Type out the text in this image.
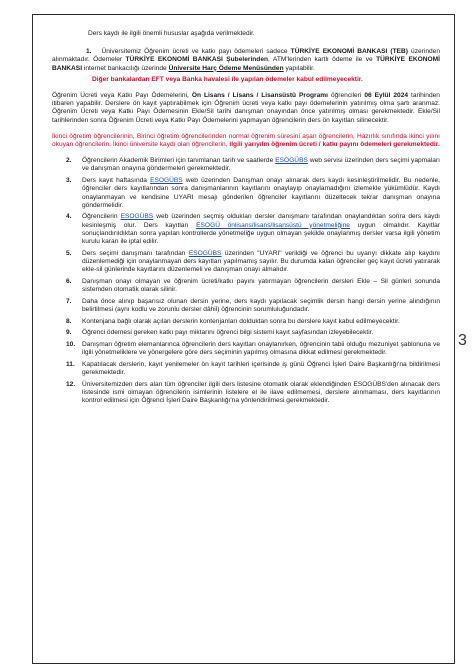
Ders kaydı ile ilgili önemli hususlar aşağıda verilmektedir.

1. Üniversitemiz Öğrenim ücreti ve katkı payı ödemeleri sadece TÜRKİYE EKONOMİ BANKASI (TEB) üzerinden alınmaktadır. Ödemeler TÜRKİYE EKONOMİ BANKASI Şubelerinden, ATM'lerinden kartlı ödeme ile ve TÜRKİYE EKONOMİ BANKASI internet bankacılığı üzerinde Üniversite Harç Ödeme Menüsünden yapılabilir.

Diğer bankalardan EFT veya Banka havalesi ile yapılan ödemeler kabul edilmeyecektir.

Öğrenim Ücreti veya Katkı Payı Ödemelerini, Ön Lisans / Lisans / Lisansüstü Programı öğrencileri 06 Eylül 2024 tarihinden itibaren yapabilir. Derslere ön kayıt yaptırabilmek için Öğrenim ücreti veya katkı payı ödemelerinin yatırılmış olma şartı aranmaz. Öğrenim Ücreti veya Katkı Payı Ödemesinin Ekle/Sil tarihi danışman onayından önce yatırılmış olması gerekmektedir. Ekle/Sil tarihlerinden sonra Öğrenim Ücreti veya Katkı Payı Ödemelerini yapmayan öğrencilerin ders ön kayıtları silinecektir.

İkinci öğretim öğrencilerinin, Birinci öğretim öğrencilerinden normal öğrenim süresini aşan öğrencilerin, Hazırlık sınıfında ikinci yılını okuyan öğrencilerin, İkinci üniversite kaydı olan öğrencilerin, ilgili yarıyılın öğrenim ücreti / katkı payını ödemeleri gerekmektedir.

2. Öğrencilerin Akademik Birimleri için tanımlanan tarih ve saatlerde ESOGÜBS web servisi üzerinden ders seçimi yapmaları ve danışman onayına göndermeleri gerekmektedir.
3. Ders kayıt haftasında ESOGÜBS web üzerinden Danışman onayı alınarak ders kaydı kesinleştirilmelidir. Bu nedenle, öğrenciler ders kayıtlarından sonra danışmanlarının kayıtlarını onaylayıp onaylamadığını izlemekle yükümlüdür. Kaydı onaylanmayan ve kendisine UYARI mesajı gönderilen öğrenciler kayıtlarını düzeltecek tekrar danışman onayına göndermelidir.
4. Öğrencilerin ESOGÜBS web üzerinden seçmiş oldukları dersler danışmanı tarafından onaylandıktan sonra ders kaydı kesinleşmiş olur. Ders kayıtları ESOGÜ önlisans/lisans/lisansüstü yönetmeliğine uygun olmalıdır. Kayıtlar sonuçlandırıldıktan sonra yapılan kontrollerde yönetmeliğe uygun olmayan şekilde onaylanmış dersler varsa ilgili yönetim kurulu kararı ile iptal edilir.
5. Ders seçimi danışmanı tarafından ESOGÜBS üzerinden "UYARI" verildiği ve öğrenci bu uyarıyı dikkate alıp kaydını düzenlemediği için onaylanmayan ders kayıtları yapılmamış sayılır. Bu durumda kalan öğrenciler geç kayıt ücreti yatırarak ekle-sil günlerinde kayıtlarını düzenlemeli ve danışman onayı almalıdır.
6. Danışman onayı olmayan ve öğrenim ücreti/katkı payını yatırmayan öğrencilerin dersleri Ekle – Sil günleri sonunda sistemden otomatik olarak silinir.
7. Daha önce alınıp başarısız olunan dersin yerine, ders kaydı yapılacak seçimlik dersin hangi dersin yerine alındığının belirtilmesi (aynı kodlu ve zorunlu dersler dâhil) öğrencinin sorumluluğundadır.
8. Kontenjana bağlı olarak açılan derslerin kontenjanları dolduktan sonra bu derslere kayıt kabul edilmeyecektir.
9. Öğrenci ödemesi gereken katkı payı miktarını öğrenci bilgi sistemi kayıt sayfasından izleyebilecektir.
10. Danışman öğretim elemanlarınca öğrencilerin ders kayıtları onaylanırken, öğrencinin tabii olduğu mezuniyet şablonuna ve ilgili yönetmeliklere ve yönergelere göre ders seçiminin yapılmış olmasına dikkat edilmesi gerekmektedir.
11. Kapatılacak derslerin, kayıt yenilemeler ön kayıt tarihleri içerisinde iş günü Öğrenci İşleri Daire Başkanlığı'na bildirilmesi gerekmektedir.
12. Üniversitemizden ders alan tüm öğrenciler ilgili ders listesine otomatik olarak eklendiğinden ESOGÜBS'den alınacak ders listesinde ismi olmayan öğrencilerin isimlerinin listelere el ile ilave edilmemesi, derslere alınmaması, ders kayıtlarının kontrol edilmesi için Öğrenci İşleri Daire Başkanlığı'na yönlendirilmesi gerekmektedir.
3
